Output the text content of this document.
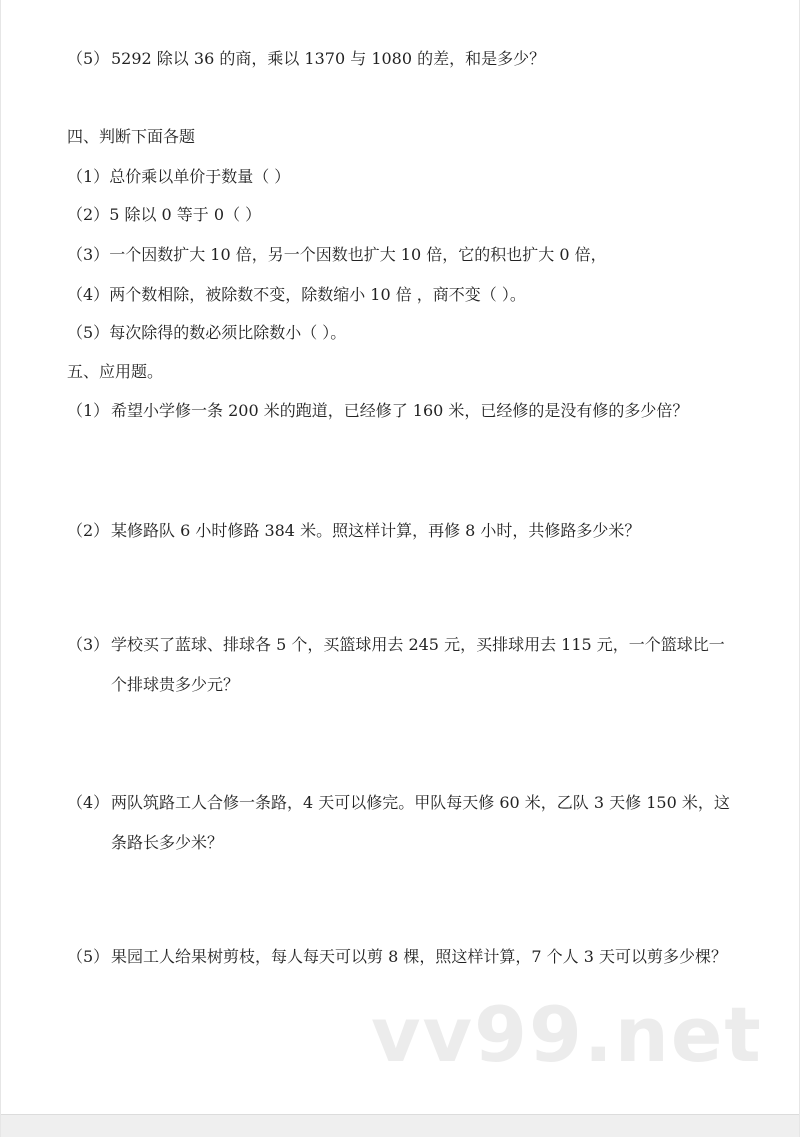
（5） 5292 除以 36 的商，乘以 1370 与 1080 的差，和是多少？
四、判断下面各题
（1）总价乘以单价于数量（ ）
（2）5 除以 0 等于 0（ ）
（3）一个因数扩大 10 倍，另一个因数也扩大 10 倍，它的积也扩大 0 倍，
（4）两个数相除，被除数不变，除数缩小 10 倍 ，商不变（ ）。
（5）每次除得的数必须比除数小（ ）。
五、应用题。
（1） 希望小学修一条 200 米的跑道，已经修了 160 米，已经修的是没有修的多少倍？
（2） 某修路队 6 小时修路 384 米。照这样计算，再修 8 小时，共修路多少米？
（3） 学校买了蓝球、排球各 5 个，买篮球用去 245 元，买排球用去 115 元，一个篮球比一
个排球贵多少元？
（4） 两队筑路工人合修一条路，4 天可以修完。甲队每天修 60 米，乙队 3 天修 150 米，这
条路长多少米？
（5） 果园工人给果树剪枝，每人每天可以剪 8 棵，照这样计算，7 个人 3 天可以剪多少棵？
vv99.net
